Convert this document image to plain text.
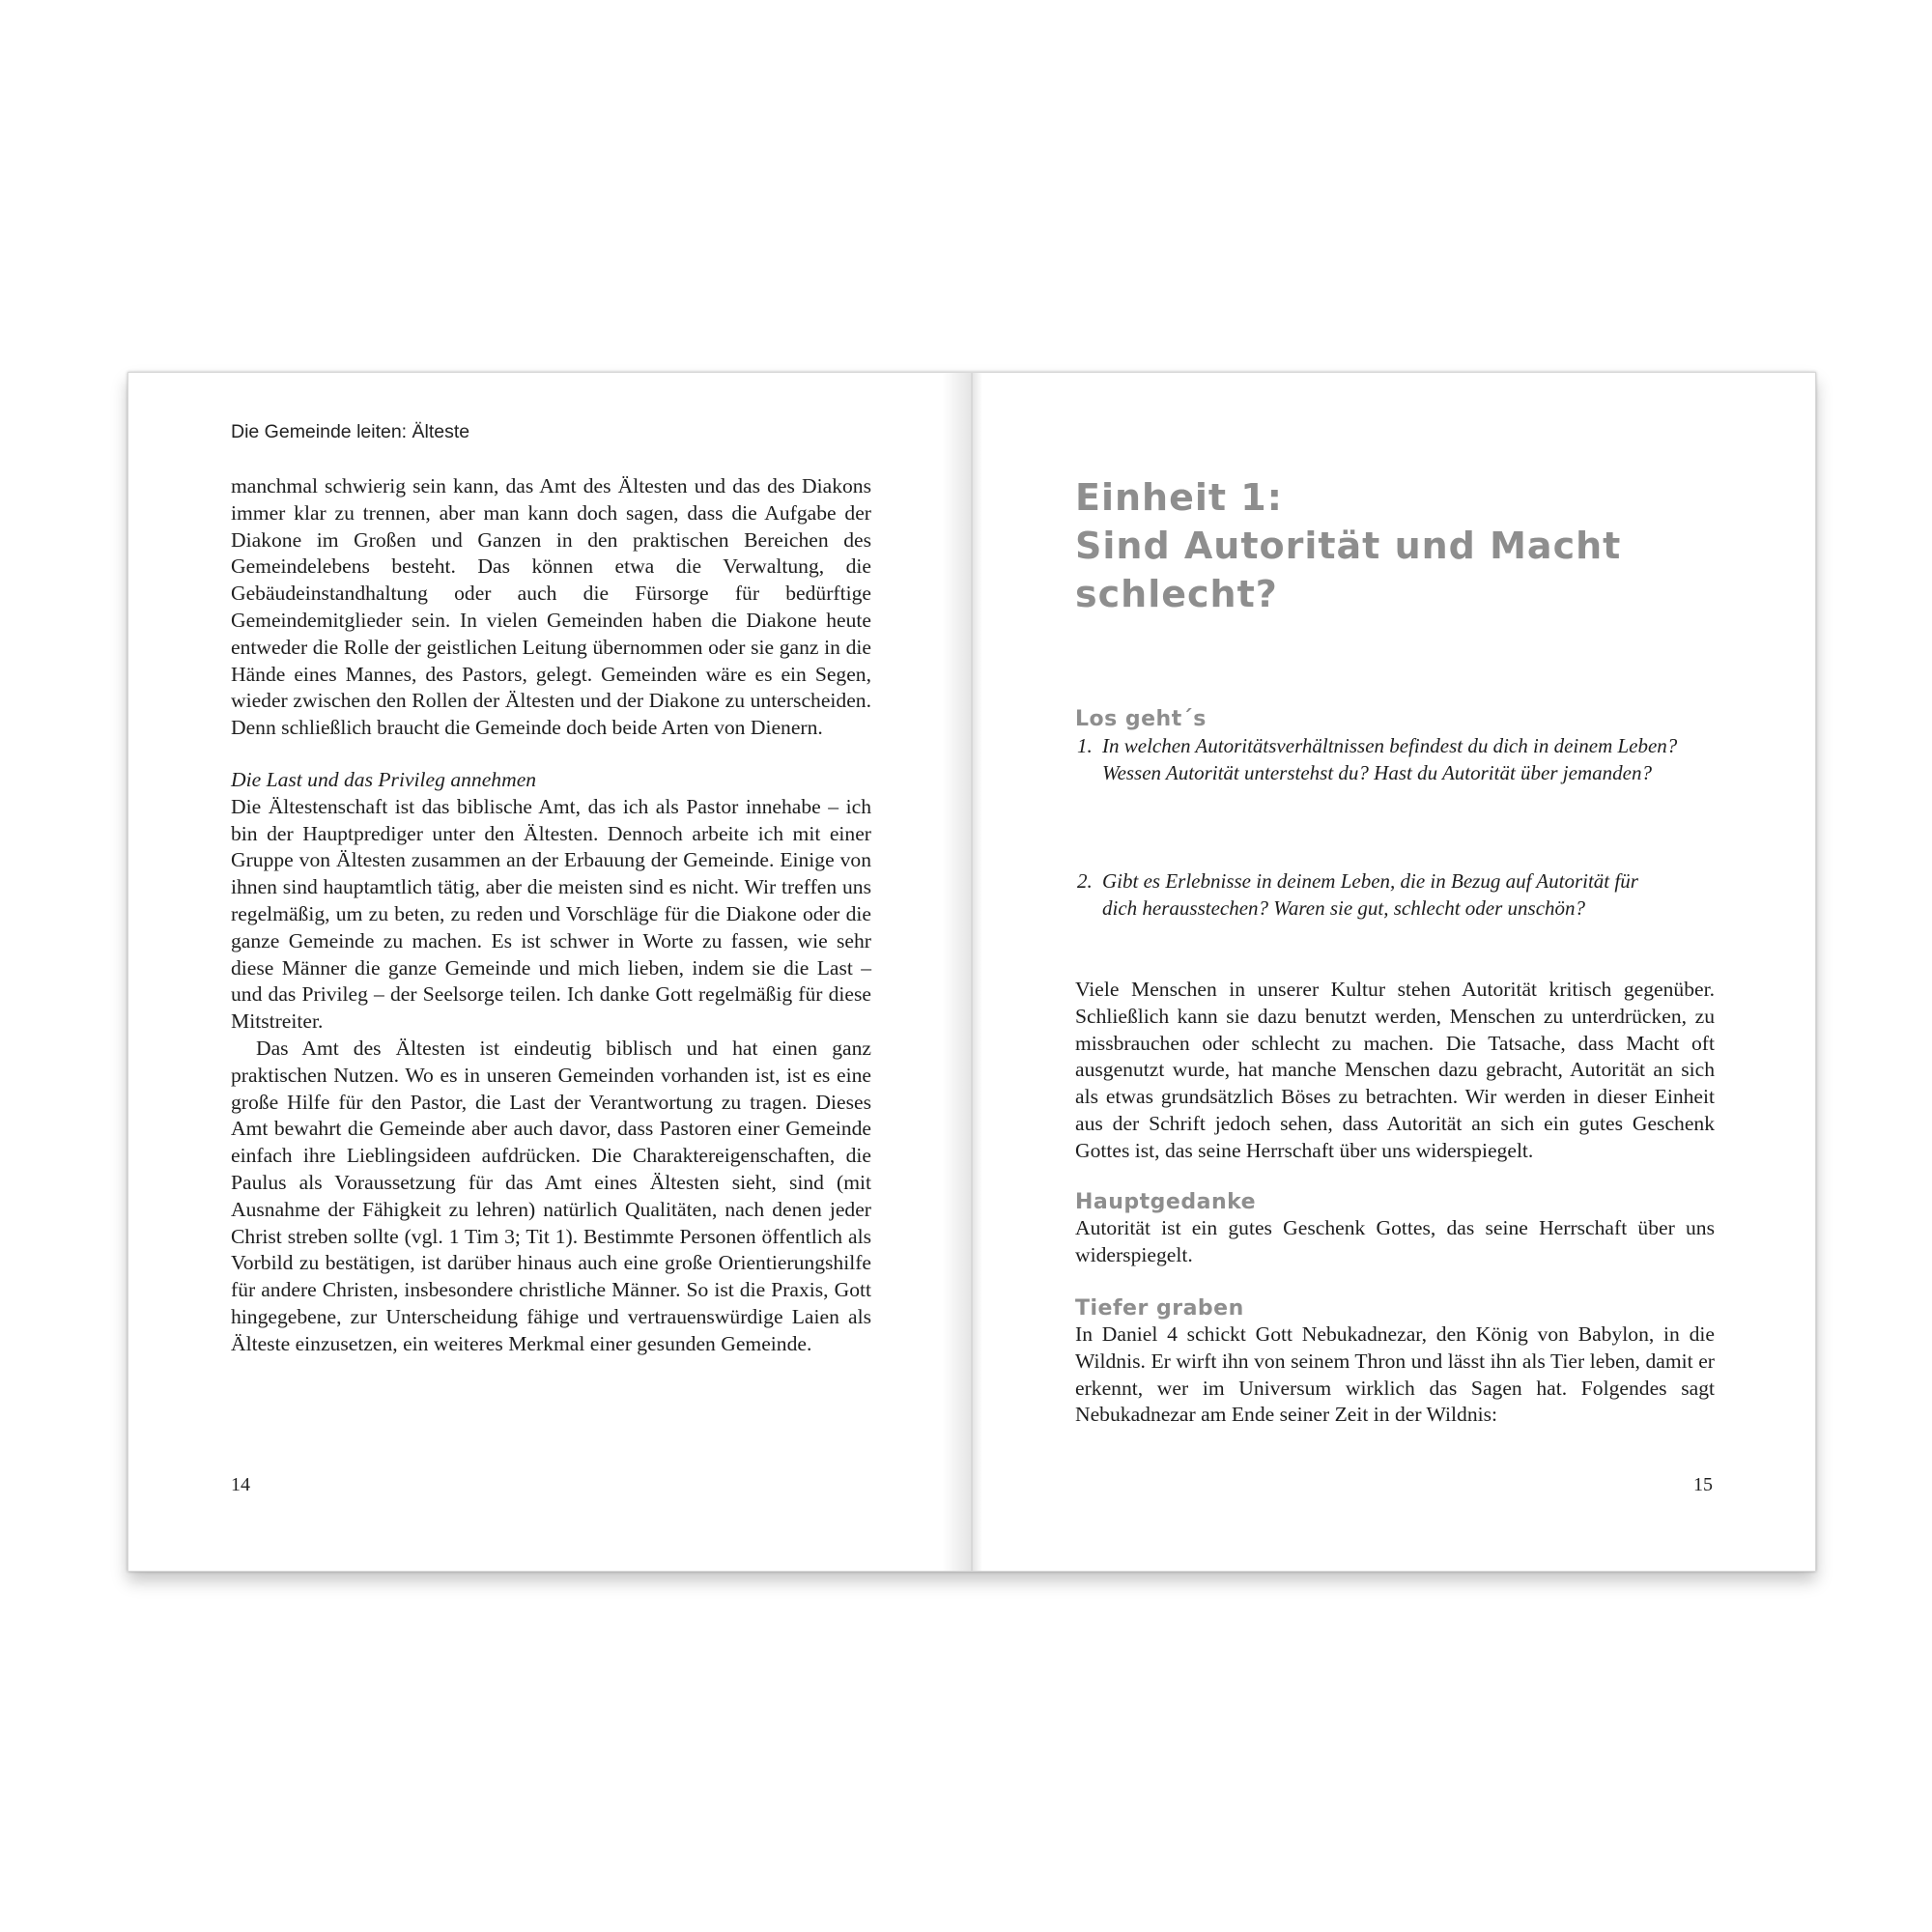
Die Gemeinde leiten: Älteste

manchmal schwierig sein kann, das Amt des Ältesten und das des Diakons immer klar zu trennen, aber man kann doch sagen, dass die Aufgabe der Diakone im Großen und Ganzen in den praktischen Bereichen des Gemeindelebens besteht. Das können etwa die Verwaltung, die Gebäudeinstandhaltung oder auch die Fürsorge für bedürftige Gemeindemitglieder sein. In vielen Gemeinden haben die Diakone heute entweder die Rolle der geistlichen Leitung übernommen oder sie ganz in die Hände eines Mannes, des Pastors, gelegt. Gemeinden wäre es ein Segen, wieder zwischen den Rollen der Ältesten und der Diakone zu unterscheiden. Denn schließlich braucht die Gemeinde doch beide Arten von Dienern.

Die Last und das Privileg annehmen

Die Ältestenschaft ist das biblische Amt, das ich als Pastor innehabe – ich bin der Hauptprediger unter den Ältesten. Dennoch arbeite ich mit einer Gruppe von Ältesten zusammen an der Erbauung der Gemeinde. Einige von ihnen sind hauptamtlich tätig, aber die meisten sind es nicht. Wir treffen uns regelmäßig, um zu beten, zu reden und Vorschläge für die Diakone oder die ganze Gemeinde zu machen. Es ist schwer in Worte zu fassen, wie sehr diese Männer die ganze Gemeinde und mich lieben, indem sie die Last – und das Privileg – der Seelsorge teilen. Ich danke Gott regelmäßig für diese Mitstreiter.

Das Amt des Ältesten ist eindeutig biblisch und hat einen ganz praktischen Nutzen. Wo es in unseren Gemeinden vorhanden ist, ist es eine große Hilfe für den Pastor, die Last der Verantwortung zu tragen. Dieses Amt bewahrt die Gemeinde aber auch davor, dass Pastoren einer Gemeinde einfach ihre Lieblingsideen aufdrücken. Die Charaktereigenschaften, die Paulus als Voraussetzung für das Amt eines Ältesten sieht, sind (mit Ausnahme der Fähigkeit zu lehren) natürlich Qualitäten, nach denen jeder Christ streben sollte (vgl. 1 Tim 3; Tit 1). Bestimmte Personen öffentlich als Vorbild zu bestätigen, ist darüber hinaus auch eine große Orientierungshilfe für andere Christen, insbesondere christliche Männer. So ist die Praxis, Gott hingegebene, zur Unterscheidung fähige und vertrauenswürdige Laien als Älteste einzusetzen, ein weiteres Merkmal einer gesunden Gemeinde.

14
Einheit 1:
Sind Autorität und Macht
schlecht?
Los geht´s
1. In welchen Autoritätsverhältnissen befindest du dich in deinem Leben?
Wessen Autorität unterstehst du? Hast du Autorität über jemanden?
2. Gibt es Erlebnisse in deinem Leben, die in Bezug auf Autorität für
dich herausstechen? Waren sie gut, schlecht oder unschön?
Viele Menschen in unserer Kultur stehen Autorität kritisch gegenüber. Schließlich kann sie dazu benutzt werden, Menschen zu unterdrücken, zu missbrauchen oder schlecht zu machen. Die Tatsache, dass Macht oft ausgenutzt wurde, hat manche Menschen dazu gebracht, Autorität an sich als etwas grundsätzlich Böses zu betrachten. Wir werden in dieser Einheit aus der Schrift jedoch sehen, dass Autorität an sich ein gutes Geschenk Gottes ist, das seine Herrschaft über uns widerspiegelt.
Hauptgedanke
Autorität ist ein gutes Geschenk Gottes, das seine Herrschaft über uns widerspiegelt.
Tiefer graben
In Daniel 4 schickt Gott Nebukadnezar, den König von Babylon, in die Wildnis. Er wirft ihn von seinem Thron und lässt ihn als Tier leben, damit er erkennt, wer im Universum wirklich das Sagen hat. Folgendes sagt Nebukadnezar am Ende seiner Zeit in der Wildnis:
15
